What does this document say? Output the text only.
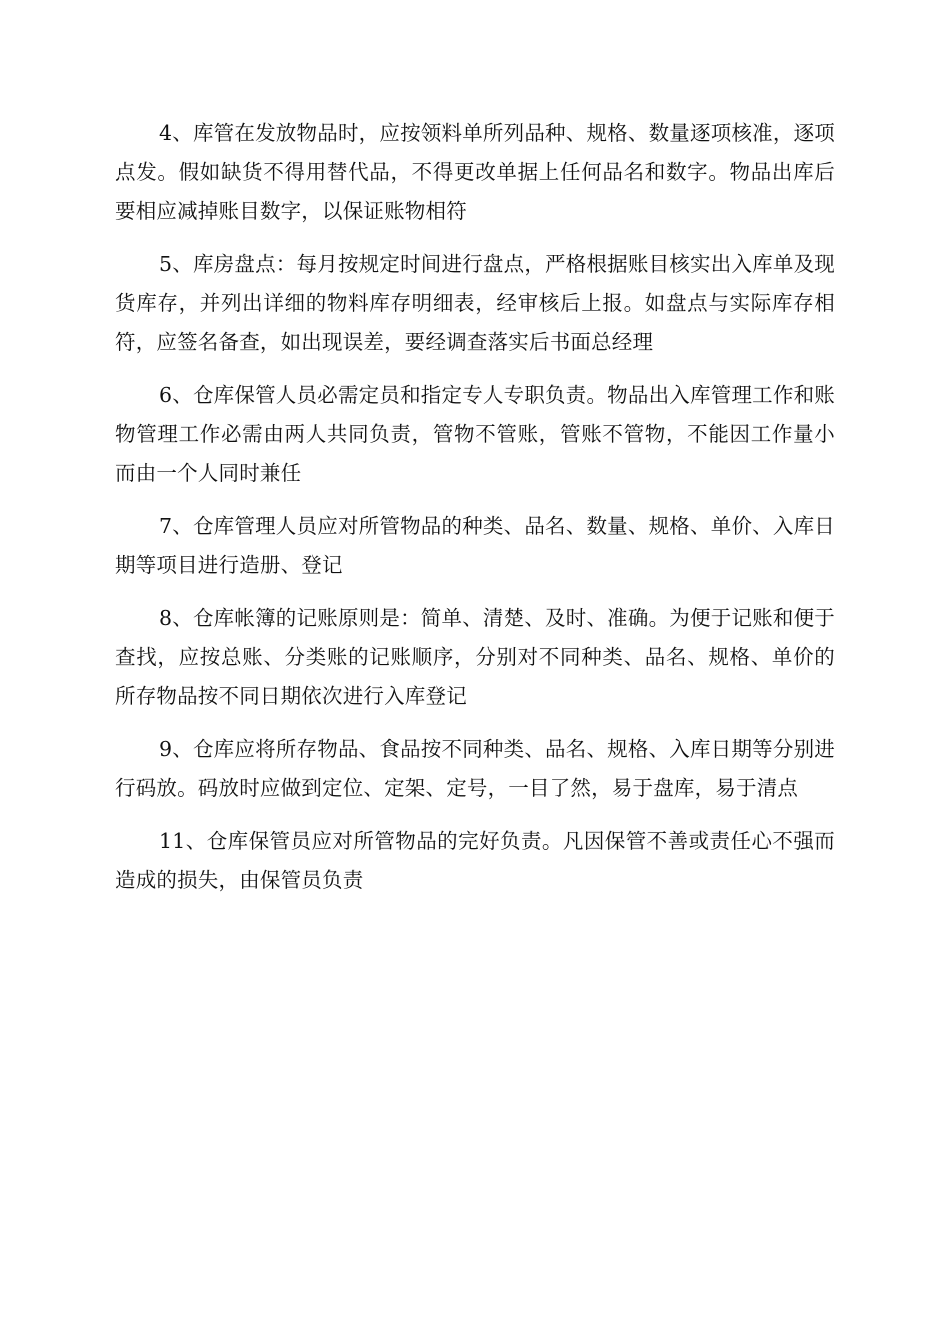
4、库管在发放物品时，应按领料单所列品种、规格、数量逐项核准，逐项点发。假如缺货不得用替代品，不得更改单据上任何品名和数字。物品出库后要相应减掉账目数字，以保证账物相符

5、库房盘点：每月按规定时间进行盘点，严格根据账目核实出入库单及现货库存，并列出详细的物料库存明细表，经审核后上报。如盘点与实际库存相符，应签名备查，如出现误差，要经调查落实后书面总经理

6、仓库保管人员必需定员和指定专人专职负责。物品出入库管理工作和账物管理工作必需由两人共同负责，管物不管账，管账不管物，不能因工作量小而由一个人同时兼任

7、仓库管理人员应对所管物品的种类、品名、数量、规格、单价、入库日期等项目进行造册、登记

8、仓库帐簿的记账原则是：简单、清楚、及时、准确。为便于记账和便于查找，应按总账、分类账的记账顺序，分别对不同种类、品名、规格、单价的所存物品按不同日期依次进行入库登记

9、仓库应将所存物品、食品按不同种类、品名、规格、入库日期等分别进行码放。码放时应做到定位、定架、定号，一目了然，易于盘库，易于清点

11、仓库保管员应对所管物品的完好负责。凡因保管不善或责任心不强而造成的损失，由保管员负责
